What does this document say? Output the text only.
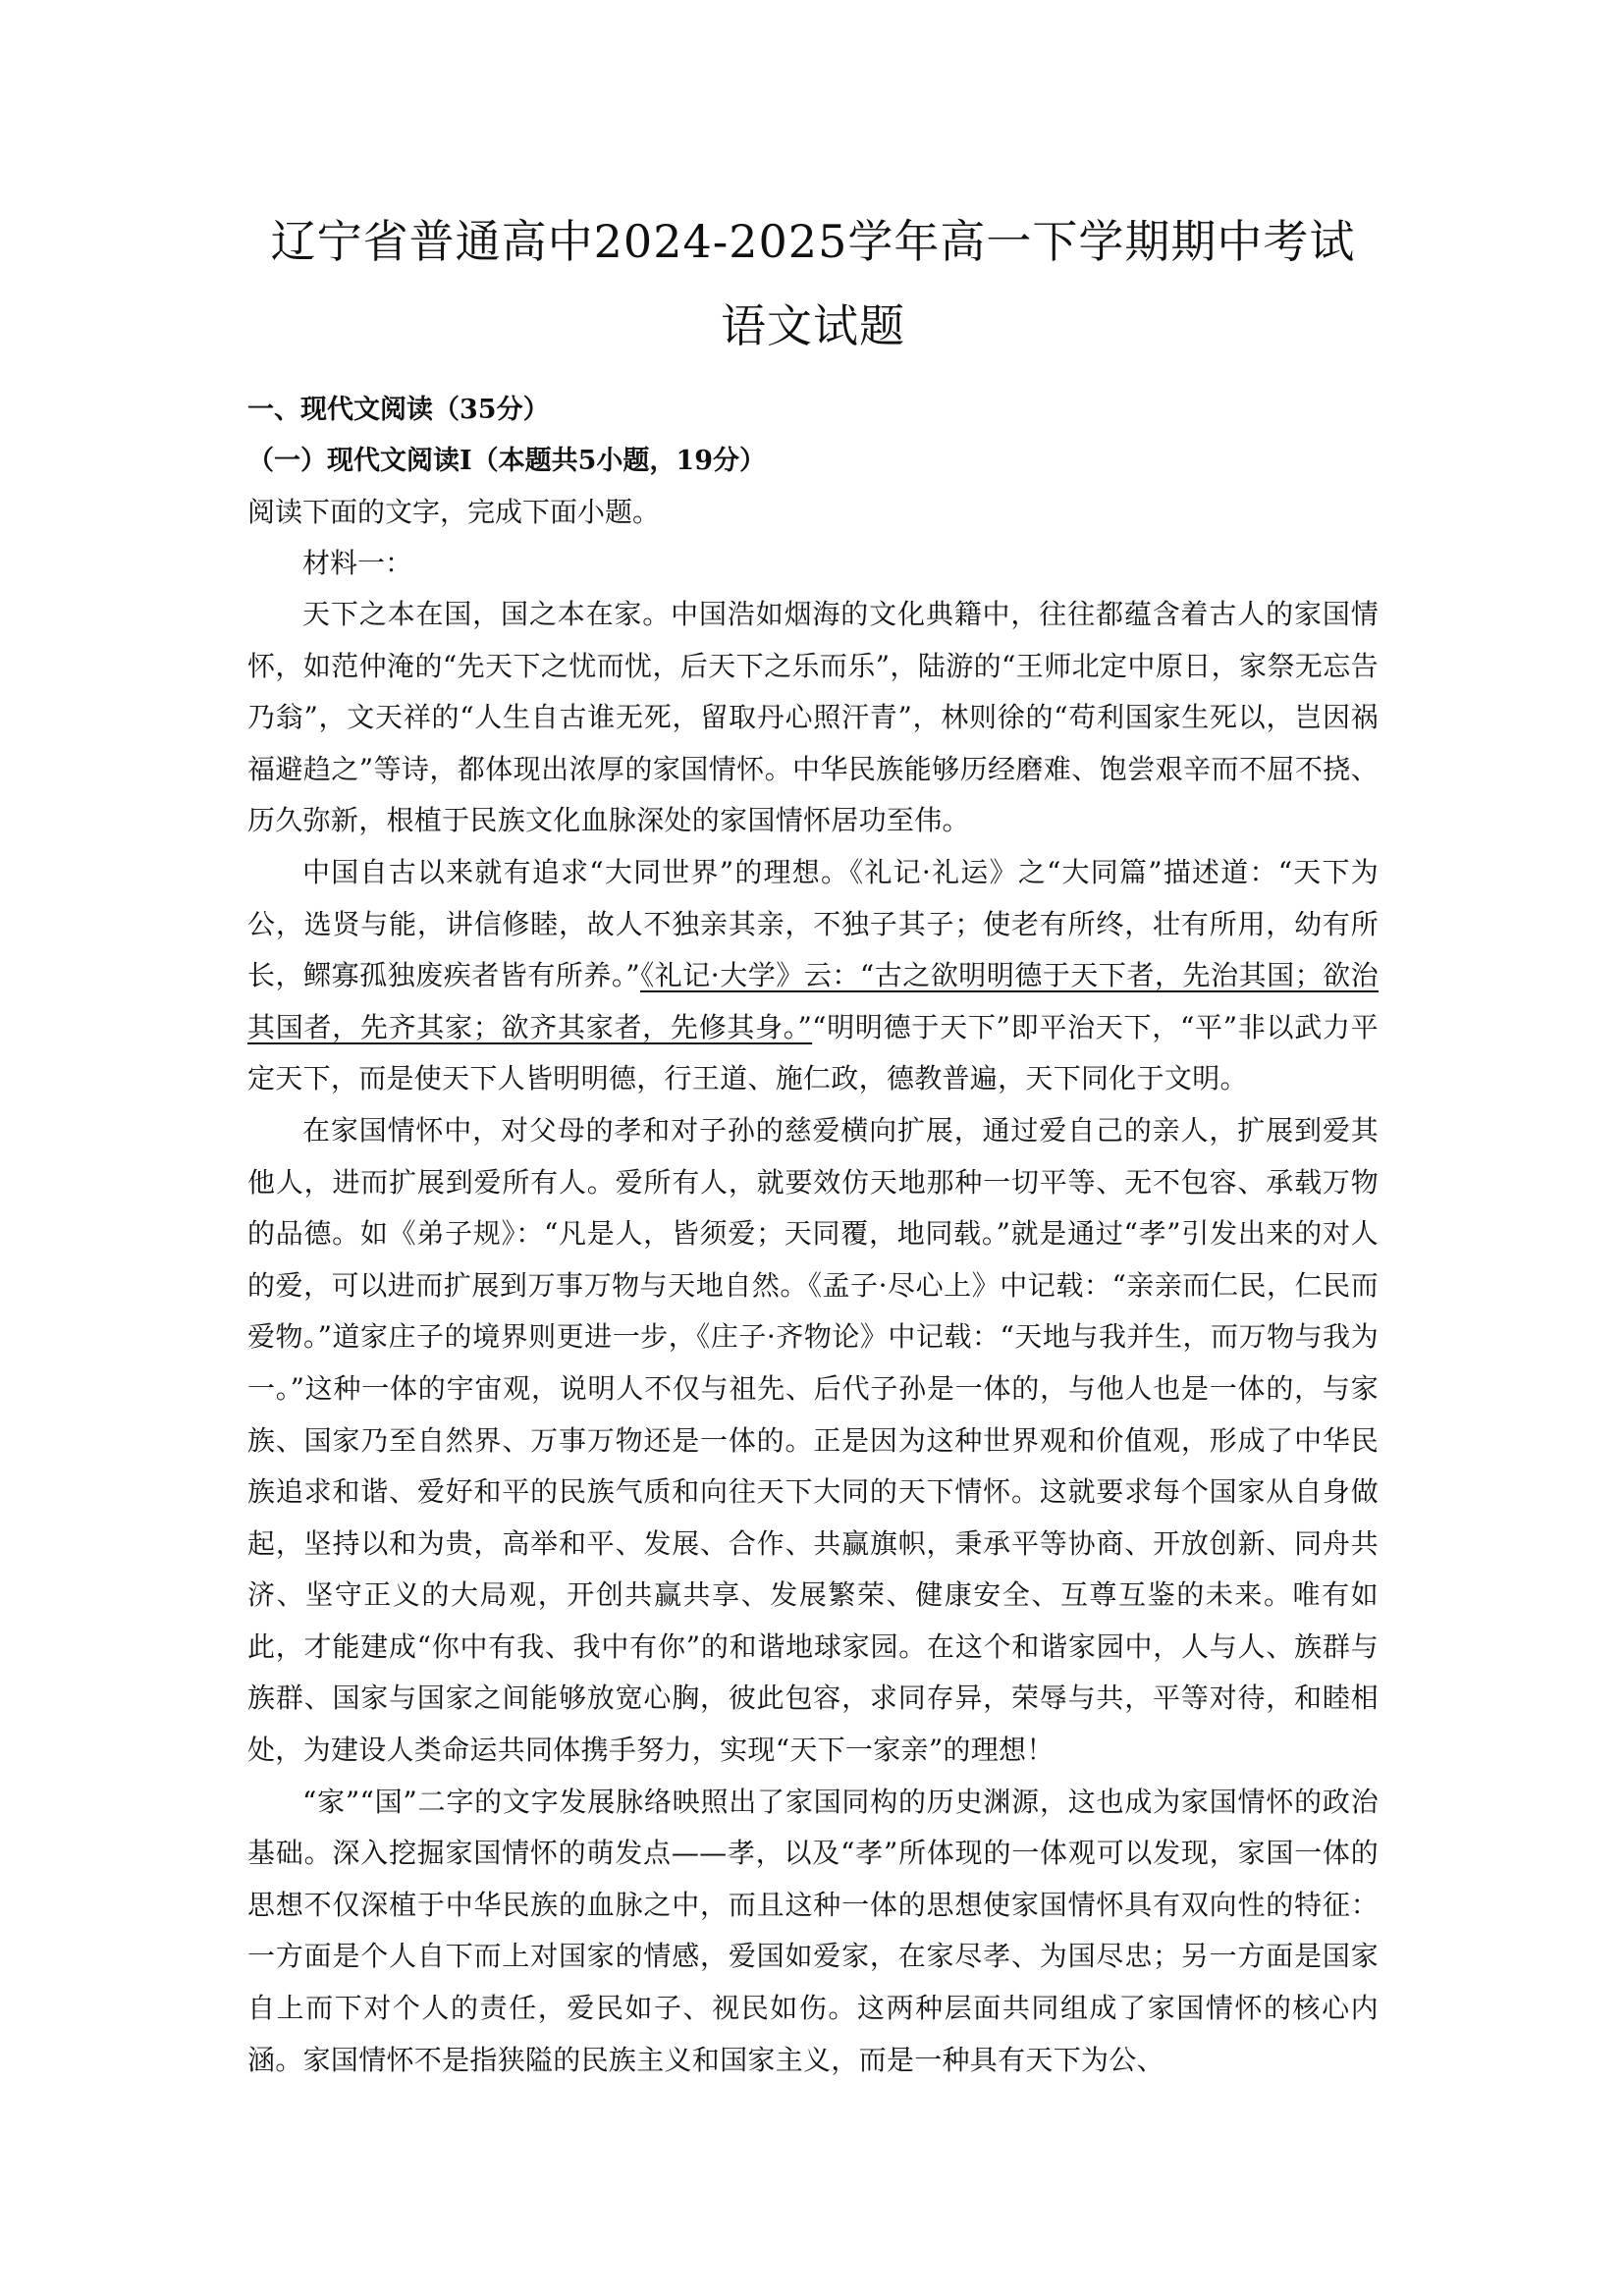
辽宁省普通高中2024-2025学年高一下学期期中考试
语文试题

一、现代文阅读（35分）

（一）现代文阅读Ⅰ（本题共5小题，19分）

阅读下面的文字，完成下面小题。

材料一：

天下之本在国，国之本在家。中国浩如烟海的文化典籍中，往往都蕴含着古人的家国情怀，如范仲淹的“先天下之忧而忧，后天下之乐而乐”，陆游的“王师北定中原日，家祭无忘告乃翁”，文天祥的“人生自古谁无死，留取丹心照汗青”，林则徐的“苟利国家生死以，岂因祸福避趋之”等诗，都体现出浓厚的家国情怀。中华民族能够历经磨难、饱尝艰辛而不屈不挠、历久弥新，根植于民族文化血脉深处的家国情怀居功至伟。

中国自古以来就有追求“大同世界”的理想。《礼记·礼运》之“大同篇”描述道：“天下为公，选贤与能，讲信修睦，故人不独亲其亲，不独子其子；使老有所终，壮有所用，幼有所长，鳏寡孤独废疾者皆有所养。”《礼记·大学》云：“古之欲明明德于天下者，先治其国；欲治其国者，先齐其家；欲齐其家者，先修其身。”“明明德于天下”即平治天下，“平”非以武力平定天下，而是使天下人皆明明德，行王道、施仁政，德教普遍，天下同化于文明。

在家国情怀中，对父母的孝和对子孙的慈爱横向扩展，通过爱自己的亲人，扩展到爱其他人，进而扩展到爱所有人。爱所有人，就要效仿天地那种一切平等、无不包容、承载万物的品德。如《弟子规》：“凡是人，皆须爱；天同覆，地同载。”就是通过“孝”引发出来的对人的爱，可以进而扩展到万事万物与天地自然。《孟子·尽心上》中记载：“亲亲而仁民，仁民而爱物。”道家庄子的境界则更进一步，《庄子·齐物论》中记载：“天地与我并生，而万物与我为一。”这种一体的宇宙观，说明人不仅与祖先、后代子孙是一体的，与他人也是一体的，与家族、国家乃至自然界、万事万物还是一体的。正是因为这种世界观和价值观，形成了中华民族追求和谐、爱好和平的民族气质和向往天下大同的天下情怀。这就要求每个国家从自身做起，坚持以和为贵，高举和平、发展、合作、共赢旗帜，秉承平等协商、开放创新、同舟共济、坚守正义的大局观，开创共赢共享、发展繁荣、健康安全、互尊互鉴的未来。唯有如此，才能建成“你中有我、我中有你”的和谐地球家园。在这个和谐家园中，人与人、族群与族群、国家与国家之间能够放宽心胸，彼此包容，求同存异，荣辱与共，平等对待，和睦相处，为建设人类命运共同体携手努力，实现“天下一家亲”的理想！

“家”“国”二字的文字发展脉络映照出了家国同构的历史渊源，这也成为家国情怀的政治基础。深入挖掘家国情怀的萌发点——孝，以及“孝”所体现的一体观可以发现，家国一体的思想不仅深植于中华民族的血脉之中，而且这种一体的思想使家国情怀具有双向性的特征：一方面是个人自下而上对国家的情感，爱国如爱家，在家尽孝、为国尽忠；另一方面是国家自上而下对个人的责任，爱民如子、视民如伤。这两种层面共同组成了家国情怀的核心内涵。家国情怀不是指狭隘的民族主义和国家主义，而是一种具有天下为公、
